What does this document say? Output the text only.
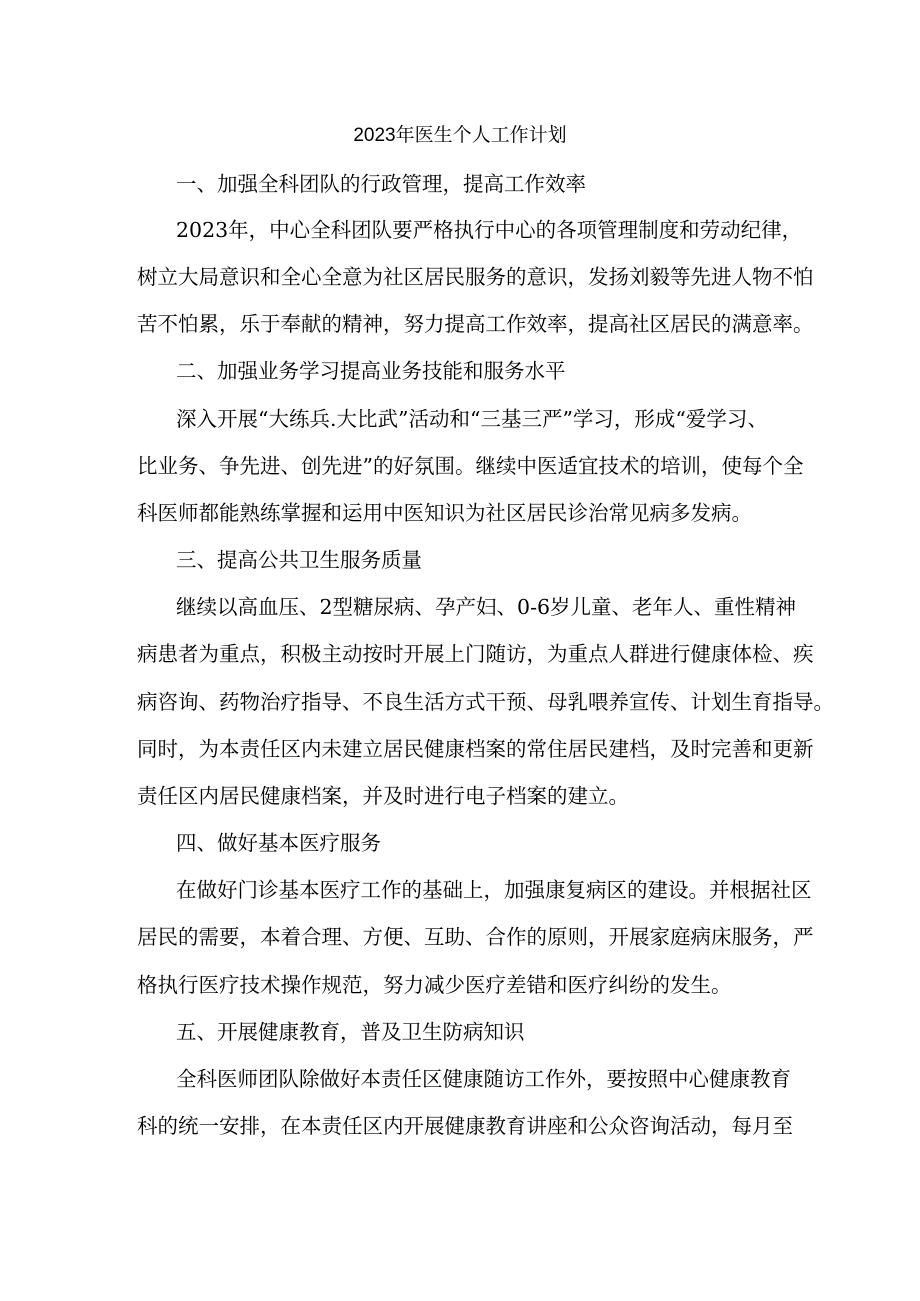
2023年医生个人工作计划

一、加强全科团队的行政管理，提高工作效率

2023年，中心全科团队要严格执行中心的各项管理制度和劳动纪律，

树立大局意识和全心全意为社区居民服务的意识，发扬刘毅等先进人物不怕

苦不怕累，乐于奉献的精神，努力提高工作效率，提高社区居民的满意率。

二、加强业务学习提高业务技能和服务水平

深入开展“大练兵.大比武”活动和“三基三严”学习，形成“爱学习、

比业务、争先进、创先进”的好氛围。继续中医适宜技术的培训，使每个全

科医师都能熟练掌握和运用中医知识为社区居民诊治常见病多发病。

三、提高公共卫生服务质量

继续以高血压、2型糖尿病、孕产妇、0-6岁儿童、老年人、重性精神

病患者为重点，积极主动按时开展上门随访，为重点人群进行健康体检、疾

病咨询、药物治疗指导、不良生活方式干预、母乳喂养宣传、计划生育指导。

同时，为本责任区内未建立居民健康档案的常住居民建档，及时完善和更新

责任区内居民健康档案，并及时进行电子档案的建立。

四、做好基本医疗服务

在做好门诊基本医疗工作的基础上，加强康复病区的建设。并根据社区

居民的需要，本着合理、方便、互助、合作的原则，开展家庭病床服务，严

格执行医疗技术操作规范，努力减少医疗差错和医疗纠纷的发生。

五、开展健康教育，普及卫生防病知识

全科医师团队除做好本责任区健康随访工作外，要按照中心健康教育

科的统一安排，在本责任区内开展健康教育讲座和公众咨询活动，每月至
